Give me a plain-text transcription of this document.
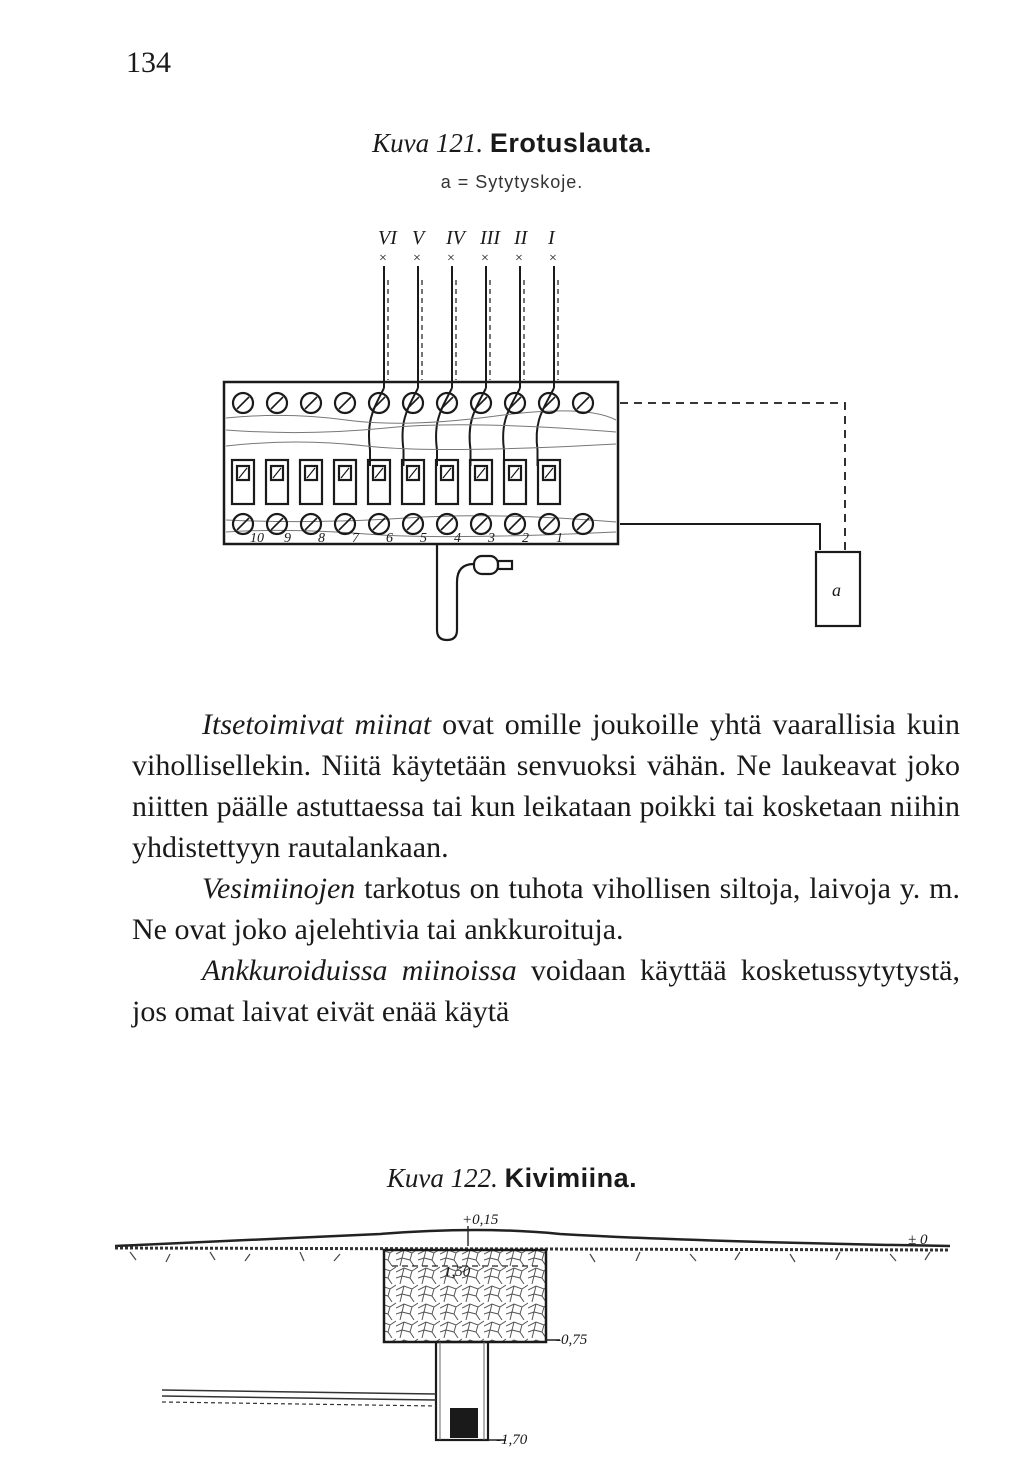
134
Kuva 121. Erotuslauta.
a = Sytytyskoje.
VI
×
V
×
IV
×
III
×
II
×
I
×
a
10 9 8 7 6 5 4 3 2 1

Itsetoimivat miinat ovat omille joukoille yhtä vaarallisia kuin vihollisellekin. Niitä käytetään senvuoksi vähän. Ne laukeavat joko niitten päälle astuttaessa tai kun leikataan poikki tai kosketaan niihin yhdistettyyn rautalankaan.

Vesimiinojen tarkotus on tuhota vihollisen siltoja, laivoja y. m. Ne ovat joko ajelehtivia tai ankkuroituja.

Ankkuroiduissa miinoissa voidaan käyttää kosketussytytystä, jos omat laivat eivät enää käytä

Kuva 122. Kivimiina.
+0,15
± 0
1,50
-0,75
-1,70
